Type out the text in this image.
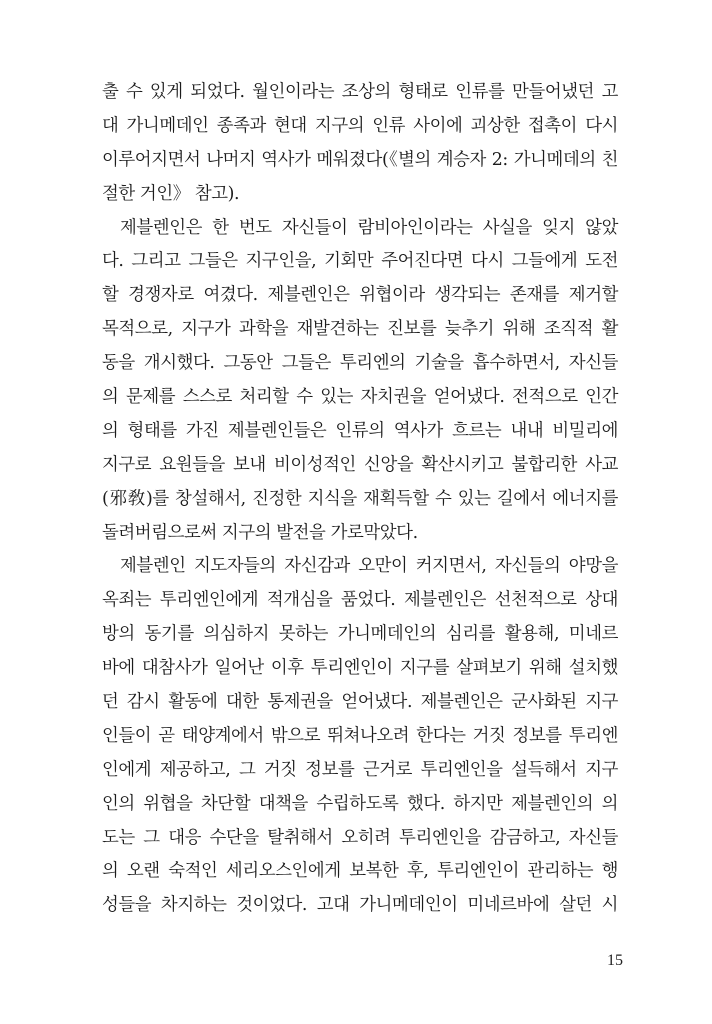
출 수 있게 되었다. 월인이라는 조상의 형태로 인류를 만들어냈던 고
대 가니메데인 종족과 현대 지구의 인류 사이에 괴상한 접촉이 다시
이루어지면서 나머지 역사가 메워졌다(《별의 계승자 2: 가니메데의 친
절한 거인》 참고).
제블렌인은 한 번도 자신들이 람비아인이라는 사실을 잊지 않았
다. 그리고 그들은 지구인을, 기회만 주어진다면 다시 그들에게 도전
할 경쟁자로 여겼다. 제블렌인은 위협이라 생각되는 존재를 제거할
목적으로, 지구가 과학을 재발견하는 진보를 늦추기 위해 조직적 활
동을 개시했다. 그동안 그들은 투리엔의 기술을 흡수하면서, 자신들
의 문제를 스스로 처리할 수 있는 자치권을 얻어냈다. 전적으로 인간
의 형태를 가진 제블렌인들은 인류의 역사가 흐르는 내내 비밀리에
지구로 요원들을 보내 비이성적인 신앙을 확산시키고 불합리한 사교
(邪敎)를 창설해서, 진정한 지식을 재획득할 수 있는 길에서 에너지를
돌려버림으로써 지구의 발전을 가로막았다.
제블렌인 지도자들의 자신감과 오만이 커지면서, 자신들의 야망을
옥죄는 투리엔인에게 적개심을 품었다. 제블렌인은 선천적으로 상대
방의 동기를 의심하지 못하는 가니메데인의 심리를 활용해, 미네르
바에 대참사가 일어난 이후 투리엔인이 지구를 살펴보기 위해 설치했
던 감시 활동에 대한 통제권을 얻어냈다. 제블렌인은 군사화된 지구
인들이 곧 태양계에서 밖으로 뛰쳐나오려 한다는 거짓 정보를 투리엔
인에게 제공하고, 그 거짓 정보를 근거로 투리엔인을 설득해서 지구
인의 위협을 차단할 대책을 수립하도록 했다. 하지만 제블렌인의 의
도는 그 대응 수단을 탈취해서 오히려 투리엔인을 감금하고, 자신들
의 오랜 숙적인 세리오스인에게 보복한 후, 투리엔인이 관리하는 행
성들을 차지하는 것이었다. 고대 가니메데인이 미네르바에 살던 시
15
